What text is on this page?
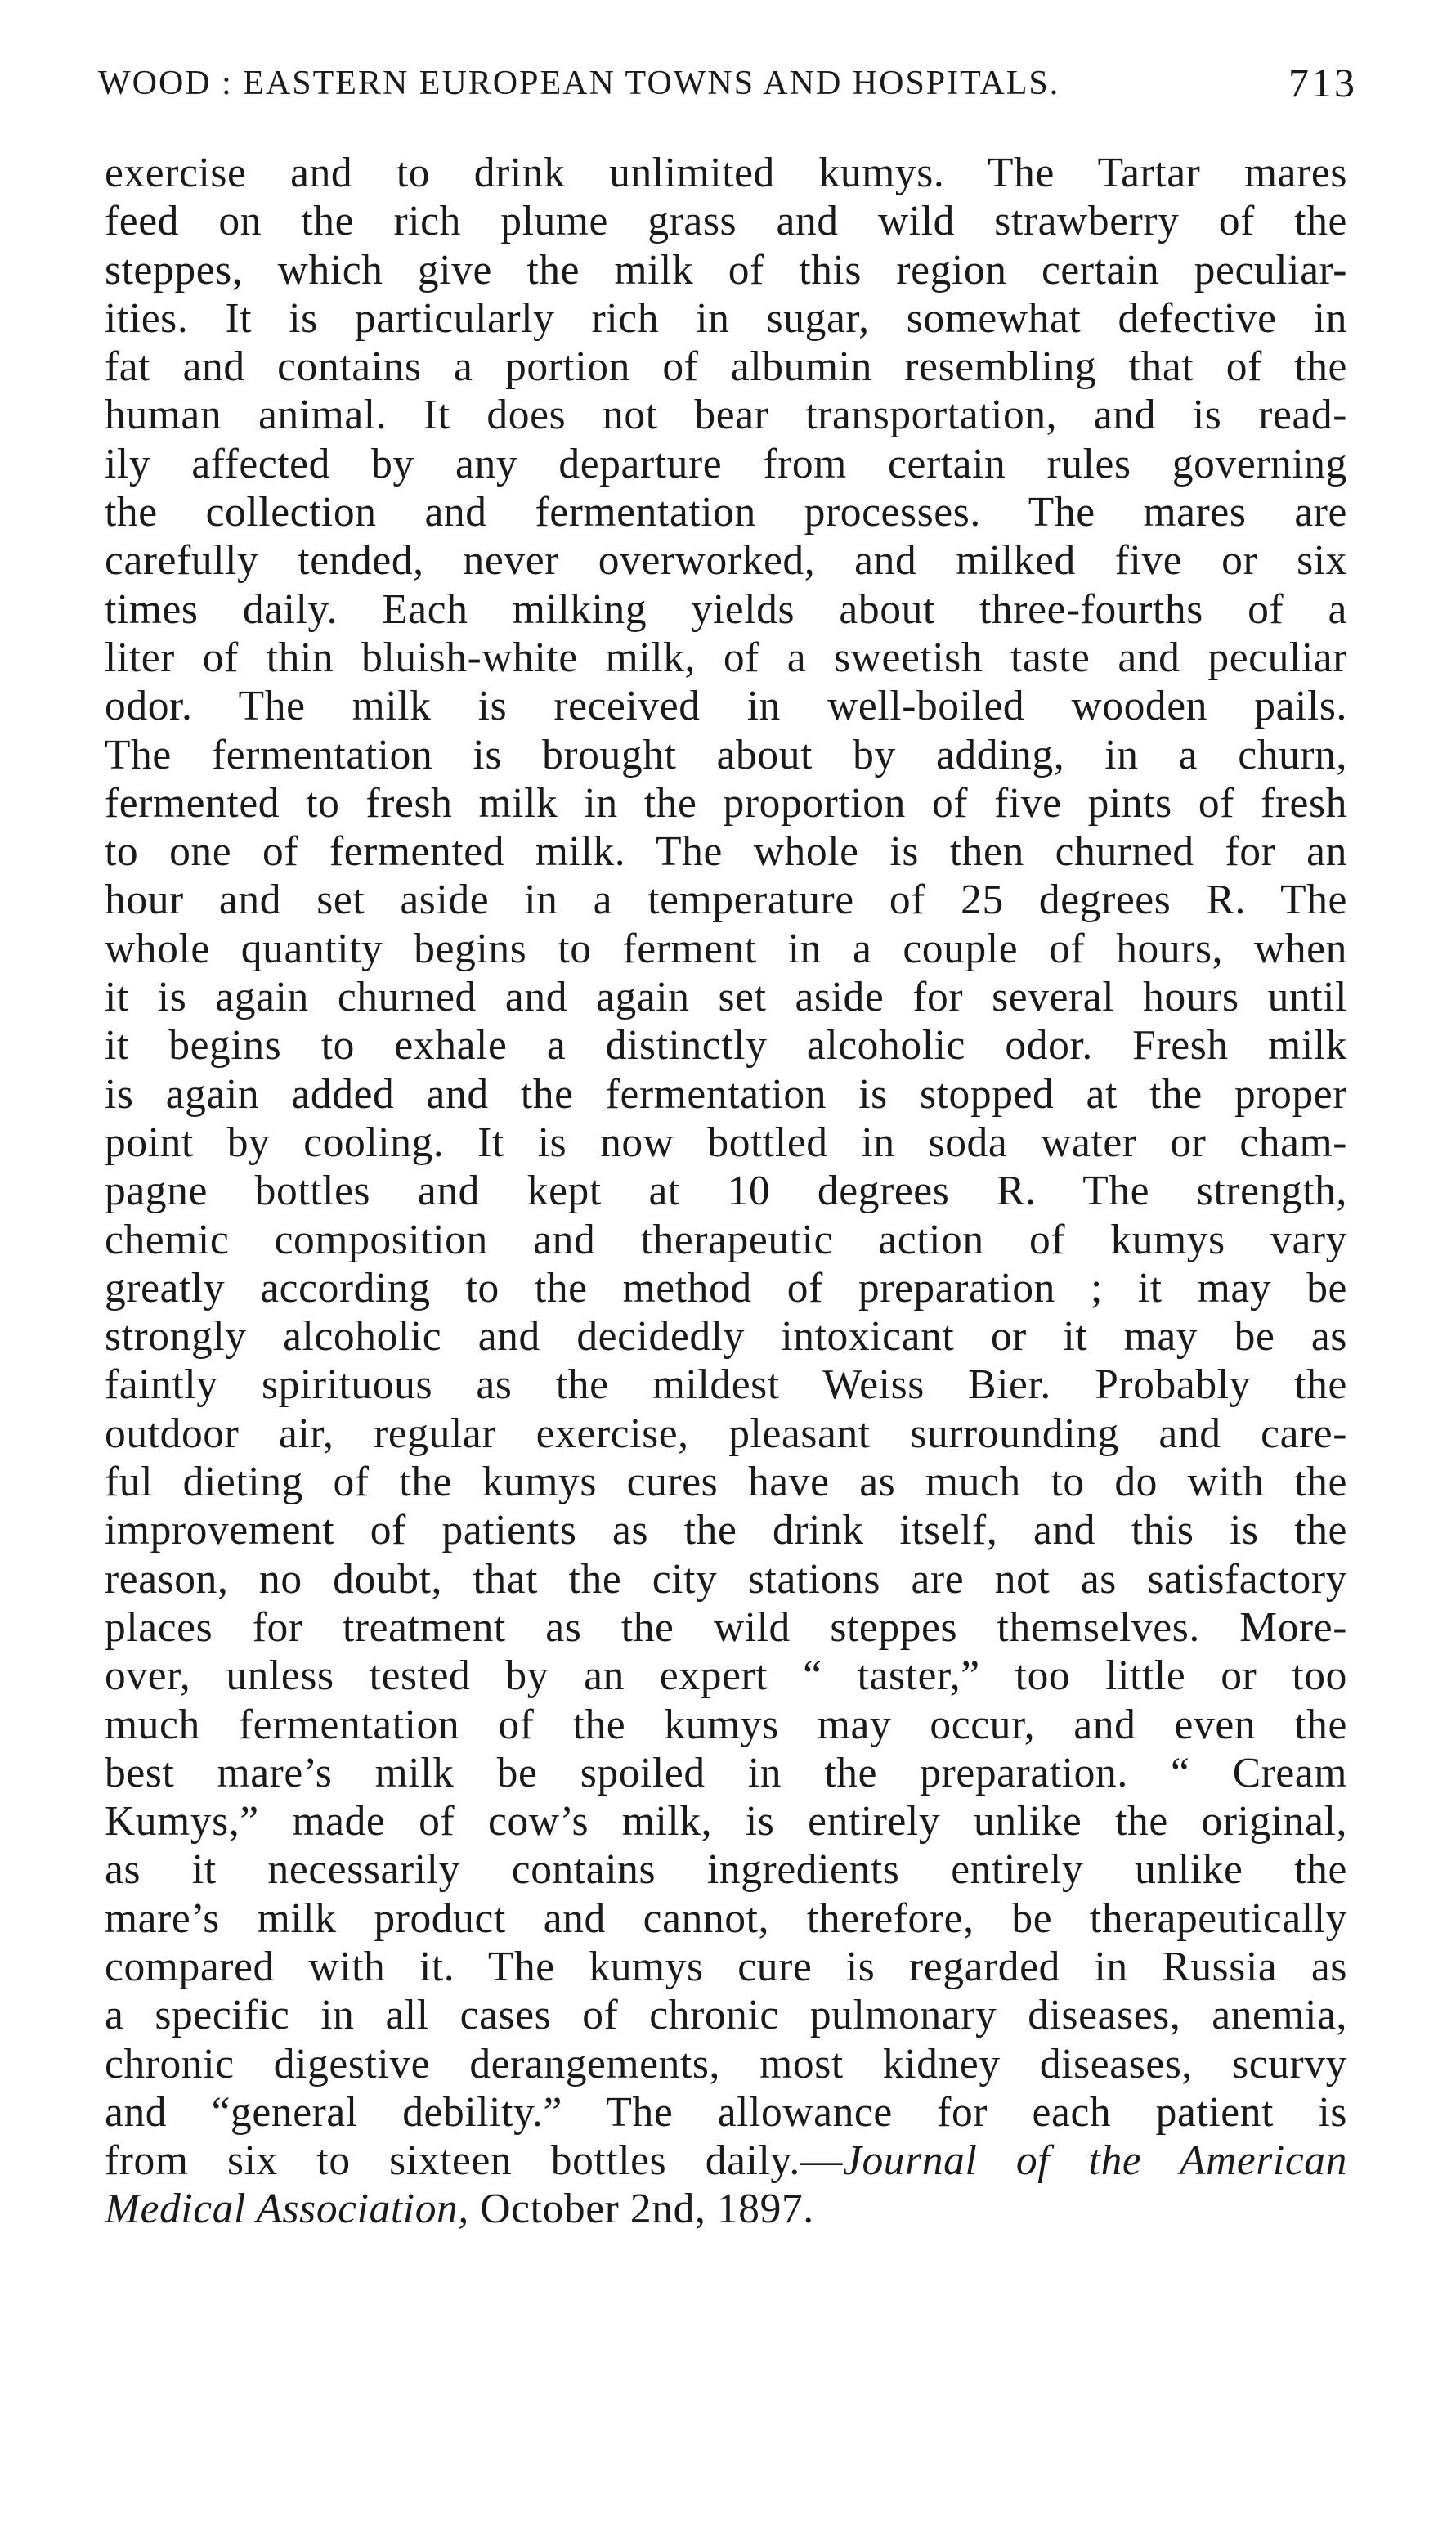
WOOD : EASTERN EUROPEAN TOWNS AND HOSPITALS.	713
exercise and to drink unlimited kumys. The Tartar mares
feed on the rich plume grass and wild strawberry of the
steppes, which give the milk of this region certain peculiar-
ities. It is particularly rich in sugar, somewhat defective in
fat and contains a portion of albumin resembling that of the
human animal. It does not bear transportation, and is read-
ily affected by any departure from certain rules governing
the collection and fermentation processes. The mares are
carefully tended, never overworked, and milked five or six
times daily. Each milking yields about three-fourths of a
liter of thin bluish-white milk, of a sweetish taste and peculiar
odor. The milk is received in well-boiled wooden pails.
The fermentation is brought about by adding, in a churn,
fermented to fresh milk in the proportion of five pints of fresh
to one of fermented milk. The whole is then churned for an
hour and set aside in a temperature of 25 degrees R. The
whole quantity begins to ferment in a couple of hours, when
it is again churned and again set aside for several hours until
it begins to exhale a distinctly alcoholic odor. Fresh milk
is again added and the fermentation is stopped at the proper
point by cooling. It is now bottled in soda water or cham-
pagne bottles and kept at 10 degrees R. The strength,
chemic composition and therapeutic action of kumys vary
greatly according to the method of preparation ; it may be
strongly alcoholic and decidedly intoxicant or it may be as
faintly spirituous as the mildest Weiss Bier. Probably the
outdoor air, regular exercise, pleasant surrounding and care-
ful dieting of the kumys cures have as much to do with the
improvement of patients as the drink itself, and this is the
reason, no doubt, that the city stations are not as satisfactory
places for treatment as the wild steppes themselves. More-
over, unless tested by an expert “ taster,” too little or too
much fermentation of the kumys may occur, and even the
best mare’s milk be spoiled in the preparation. “ Cream
Kumys,” made of cow’s milk, is entirely unlike the original,
as it necessarily contains ingredients entirely unlike the
mare’s milk product and cannot, therefore, be therapeutically
compared with it. The kumys cure is regarded in Russia as
a specific in all cases of chronic pulmonary diseases, anemia,
chronic digestive derangements, most kidney diseases, scurvy
and “general debility.” The allowance for each patient is
from six to sixteen bottles daily.—Journal of the American
Medical Association, October 2nd, 1897.
